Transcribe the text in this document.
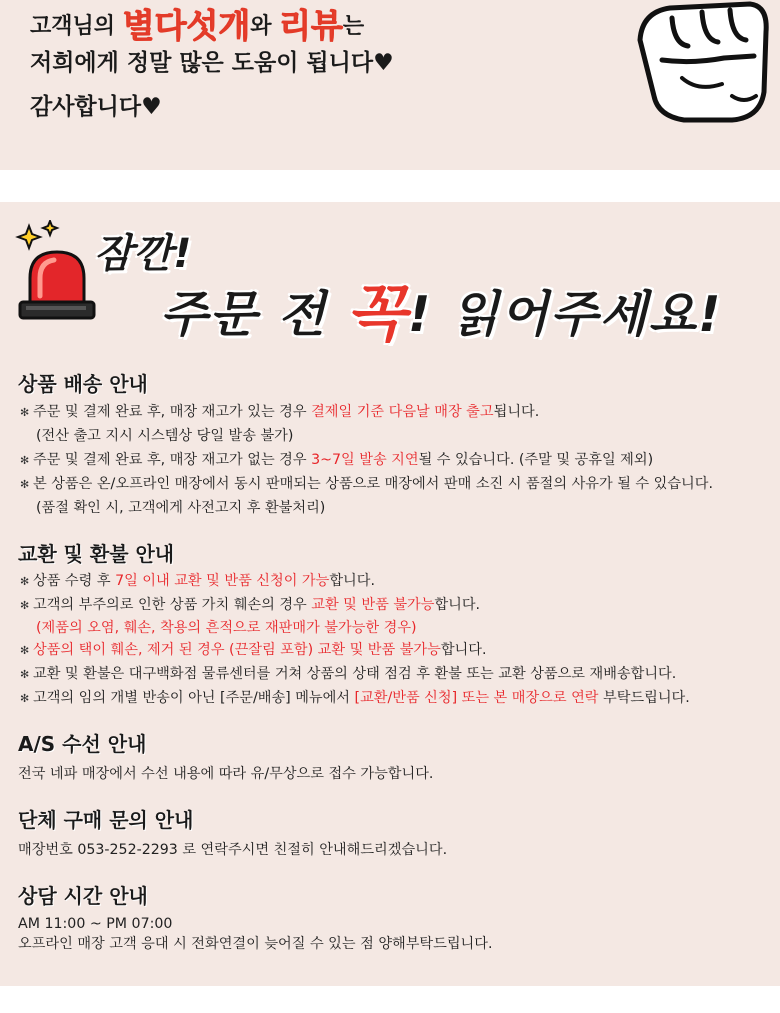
고객님의 별다섯개와 리뷰는
저희에게 정말 많은 도움이 됩니다♥
감사합니다♥
잠깐!
주문 전 꼭! 읽어주세요!
상품 배송 안내
✻ 주문 및 결제 완료 후, 매장 재고가 있는 경우 결제일 기준 다음날 매장 출고됩니다.
(전산 출고 지시 시스템상 당일 발송 불가)
✻ 주문 및 결제 완료 후, 매장 재고가 없는 경우 3~7일 발송 지연될 수 있습니다. (주말 및 공휴일 제외)
✻ 본 상품은 온/오프라인 매장에서 동시 판매되는 상품으로 매장에서 판매 소진 시 품절의 사유가 될 수 있습니다.
(품절 확인 시, 고객에게 사전고지 후 환불처리)
교환 및 환불 안내
✻ 상품 수령 후 7일 이내 교환 및 반품 신청이 가능합니다.
✻ 고객의 부주의로 인한 상품 가치 훼손의 경우 교환 및 반품 불가능합니다.
(제품의 오염, 훼손, 착용의 흔적으로 재판매가 불가능한 경우)
✻ 상품의 택이 훼손, 제거 된 경우 (끈잘림 포함) 교환 및 반품 불가능합니다.
✻ 교환 및 환불은 대구백화점 물류센터를 거쳐 상품의 상태 점검 후 환불 또는 교환 상품으로 재배송합니다.
✻ 고객의 임의 개별 반송이 아닌 [주문/배송] 메뉴에서 [교환/반품 신청] 또는 본 매장으로 연락 부탁드립니다.
A/S 수선 안내
전국 네파 매장에서 수선 내용에 따라 유/무상으로 접수 가능합니다.
단체 구매 문의 안내
매장번호 053-252-2293 로 연락주시면 친절히 안내해드리겠습니다.
상담 시간 안내
AM 11:00 ~ PM 07:00
오프라인 매장 고객 응대 시 전화연결이 늦어질 수 있는 점 양해부탁드립니다.
